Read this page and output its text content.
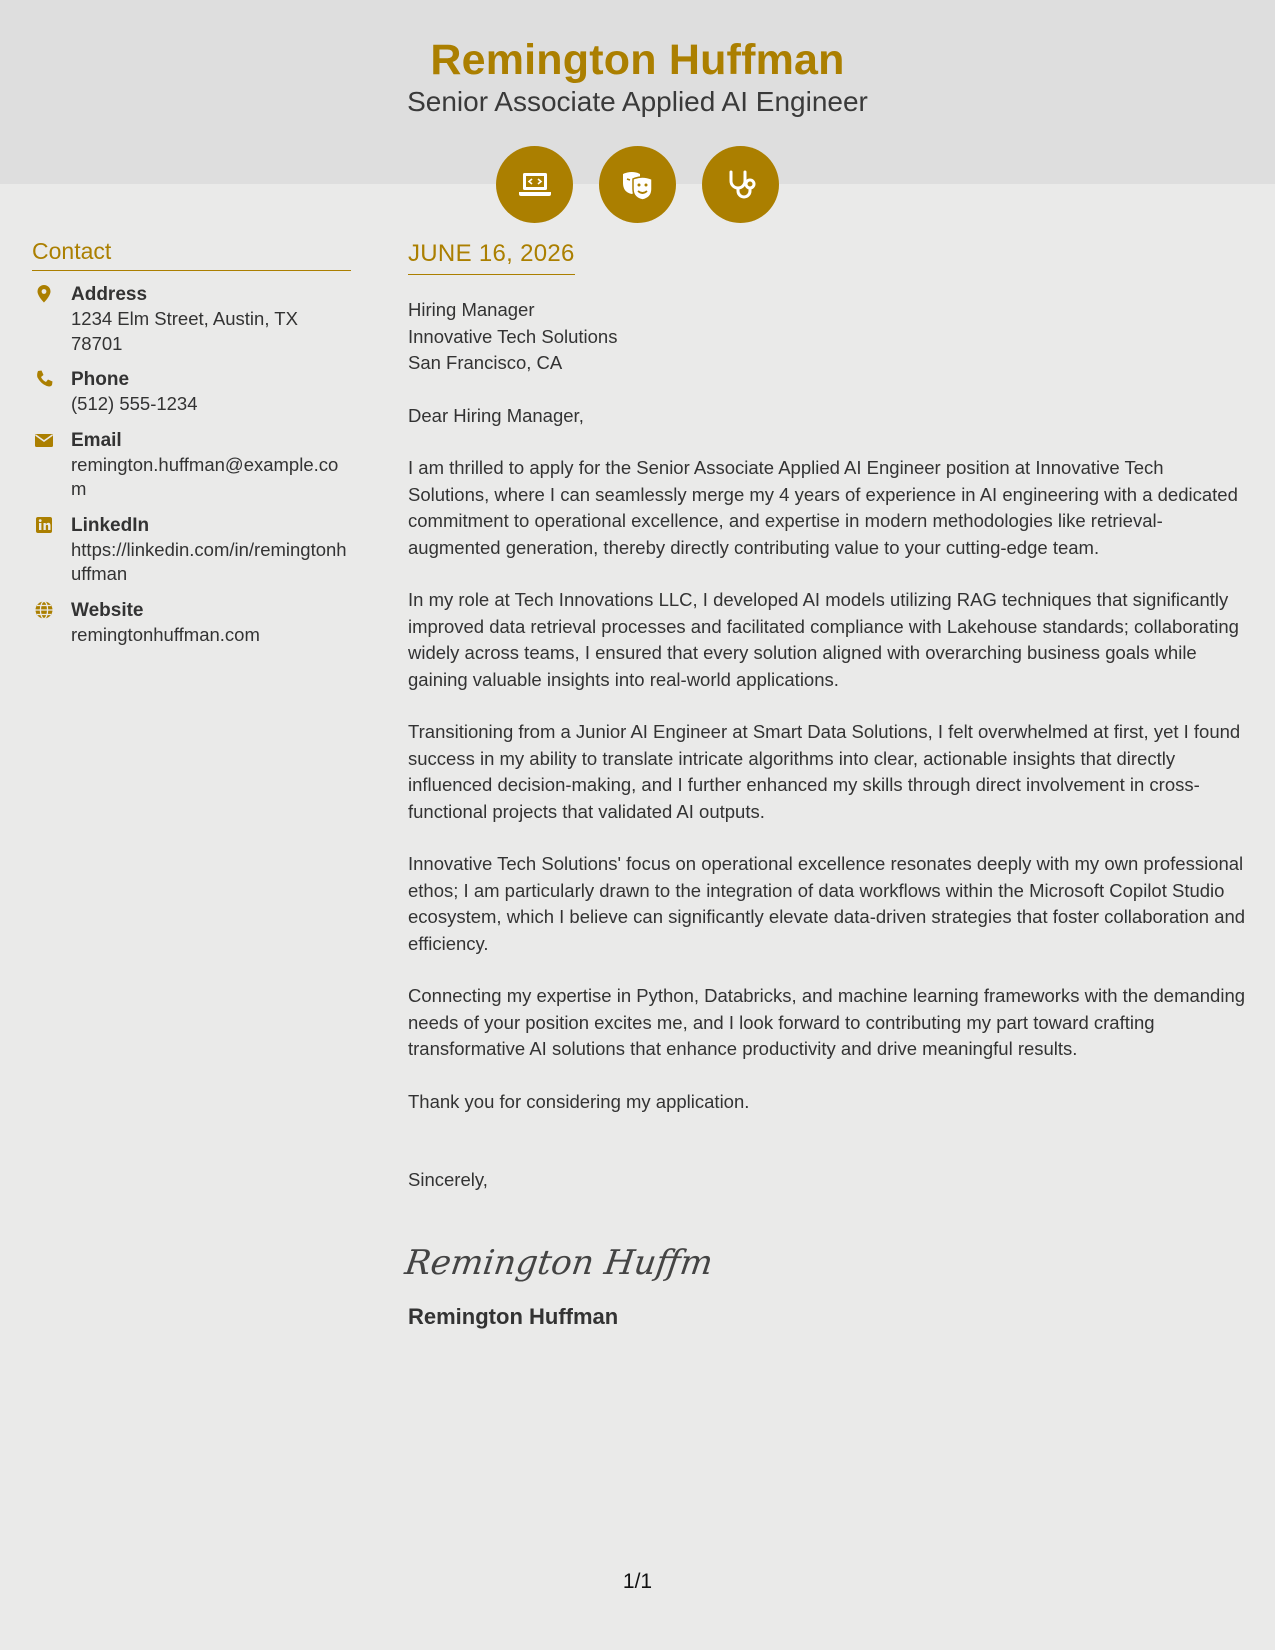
Remington Huffman
Senior Associate Applied AI Engineer
Contact
Address
1234 Elm Street, Austin, TX 78701
Phone
(512) 555-1234
Email
remington.huffman@example.com
LinkedIn
https://linkedin.com/in/remingtonhuffman
Website
remingtonhuffman.com
JUNE 16, 2026
Hiring Manager
Innovative Tech Solutions
San Francisco, CA
Dear Hiring Manager,
I am thrilled to apply for the Senior Associate Applied AI Engineer position at Innovative Tech Solutions, where I can seamlessly merge my 4 years of experience in AI engineering with a dedicated commitment to operational excellence, and expertise in modern methodologies like retrieval-augmented generation, thereby directly contributing value to your cutting-edge team.
In my role at Tech Innovations LLC, I developed AI models utilizing RAG techniques that significantly improved data retrieval processes and facilitated compliance with Lakehouse standards; collaborating widely across teams, I ensured that every solution aligned with overarching business goals while gaining valuable insights into real-world applications.
Transitioning from a Junior AI Engineer at Smart Data Solutions, I felt overwhelmed at first, yet I found success in my ability to translate intricate algorithms into clear, actionable insights that directly influenced decision-making, and I further enhanced my skills through direct involvement in cross-functional projects that validated AI outputs.
Innovative Tech Solutions' focus on operational excellence resonates deeply with my own professional ethos; I am particularly drawn to the integration of data workflows within the Microsoft Copilot Studio ecosystem, which I believe can significantly elevate data-driven strategies that foster collaboration and efficiency.
Connecting my expertise in Python, Databricks, and machine learning frameworks with the demanding needs of your position excites me, and I look forward to contributing my part toward crafting transformative AI solutions that enhance productivity and drive meaningful results.
Thank you for considering my application.
Sincerely,
Remington Huffm
Remington Huffman
1/1
